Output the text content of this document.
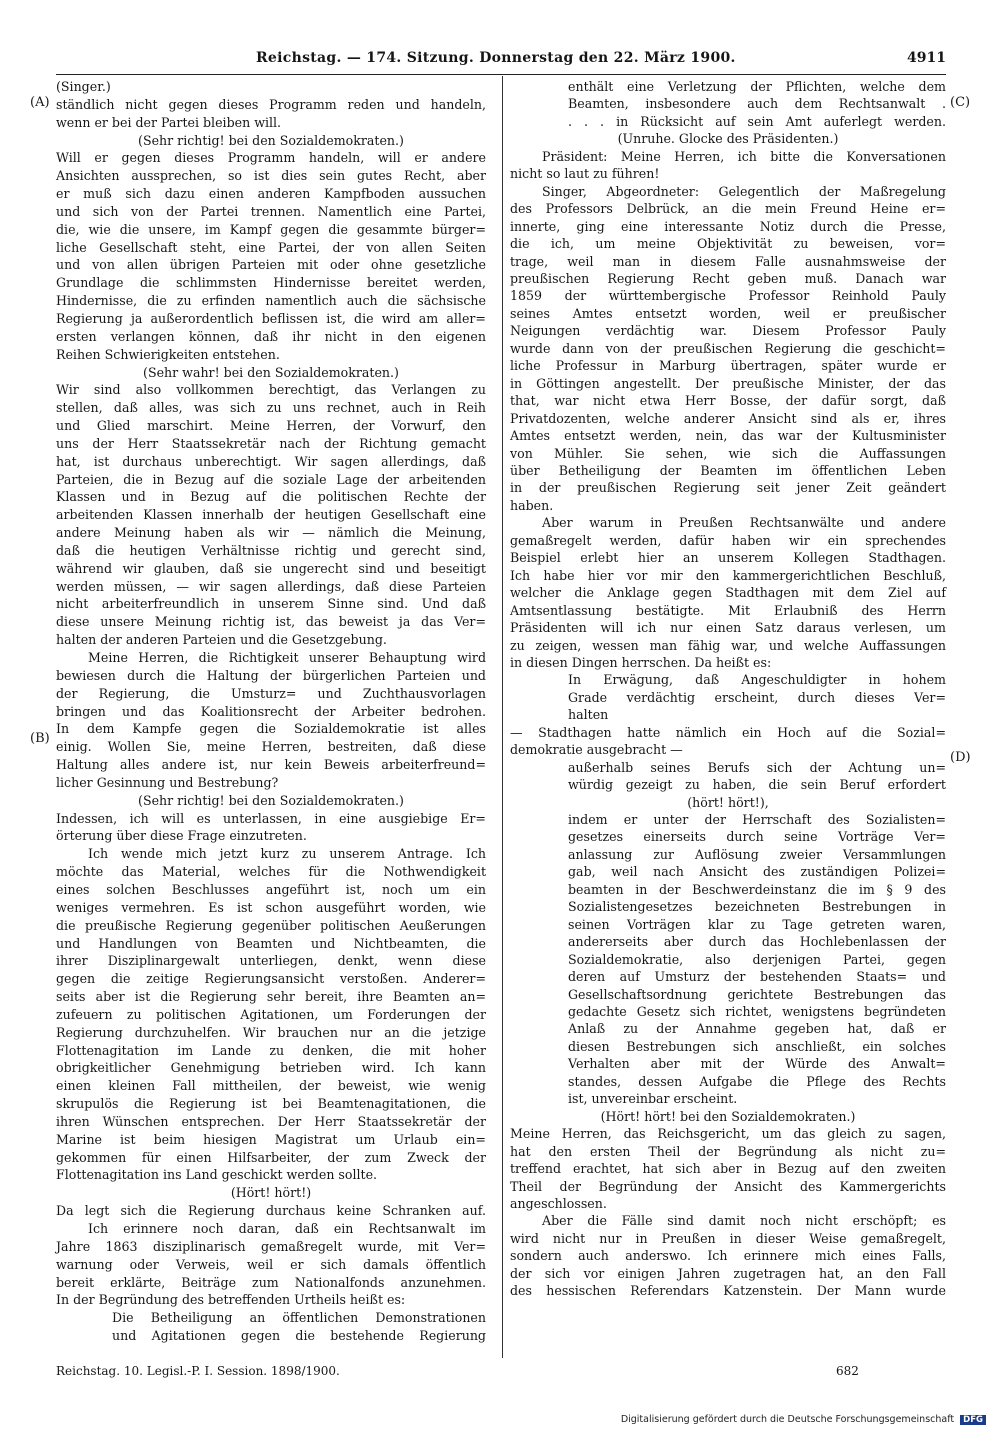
Reichstag. — 174. Sitzung. Donnerstag den 22. März 1900.	4911
(Singer.)
ständlich nicht gegen dieses Programm reden und handeln,
wenn er bei der Partei bleiben will.
(Sehr richtig! bei den Sozialdemokraten.)
Will er gegen dieses Programm handeln, will er andere
Ansichten aussprechen, so ist dies sein gutes Recht, aber
er muß sich dazu einen anderen Kampfboden aussuchen
und sich von der Partei trennen. Namentlich eine Partei,
die, wie die unsere, im Kampf gegen die gesammte bürger=
liche Gesellschaft steht, eine Partei, der von allen Seiten
und von allen übrigen Parteien mit oder ohne gesetzliche
Grundlage die schlimmsten Hindernisse bereitet werden,
Hindernisse, die zu erfinden namentlich auch die sächsische
Regierung ja außerordentlich beflissen ist, die wird am aller=
ersten verlangen können, daß ihr nicht in den eigenen
Reihen Schwierigkeiten entstehen.
(Sehr wahr! bei den Sozialdemokraten.)
Wir sind also vollkommen berechtigt, das Verlangen zu
stellen, daß alles, was sich zu uns rechnet, auch in Reih
und Glied marschirt. Meine Herren, der Vorwurf, den
uns der Herr Staatssekretär nach der Richtung gemacht
hat, ist durchaus unberechtigt. Wir sagen allerdings, daß
Parteien, die in Bezug auf die soziale Lage der arbeitenden
Klassen und in Bezug auf die politischen Rechte der
arbeitenden Klassen innerhalb der heutigen Gesellschaft eine
andere Meinung haben als wir — nämlich die Meinung,
daß die heutigen Verhältnisse richtig und gerecht sind,
während wir glauben, daß sie ungerecht sind und beseitigt
werden müssen, — wir sagen allerdings, daß diese Parteien
nicht arbeiterfreundlich in unserem Sinne sind. Und daß
diese unsere Meinung richtig ist, das beweist ja das Ver=
halten der anderen Parteien und die Gesetzgebung.
Meine Herren, die Richtigkeit unserer Behauptung wird
bewiesen durch die Haltung der bürgerlichen Parteien und
der Regierung, die Umsturz= und Zuchthausvorlagen
bringen und das Koalitionsrecht der Arbeiter bedrohen.
In dem Kampfe gegen die Sozialdemokratie ist alles
einig. Wollen Sie, meine Herren, bestreiten, daß diese
Haltung alles andere ist, nur kein Beweis arbeiterfreund=
licher Gesinnung und Bestrebung?
(Sehr richtig! bei den Sozialdemokraten.)
Indessen, ich will es unterlassen, in eine ausgiebige Er=
örterung über diese Frage einzutreten.
Ich wende mich jetzt kurz zu unserem Antrage. Ich
möchte das Material, welches für die Nothwendigkeit
eines solchen Beschlusses angeführt ist, noch um ein
weniges vermehren. Es ist schon ausgeführt worden, wie
die preußische Regierung gegenüber politischen Aeußerungen
und Handlungen von Beamten und Nichtbeamten, die
ihrer Disziplinargewalt unterliegen, denkt, wenn diese
gegen die zeitige Regierungsansicht verstoßen. Anderer=
seits aber ist die Regierung sehr bereit, ihre Beamten an=
zufeuern zu politischen Agitationen, um Forderungen der
Regierung durchzuhelfen. Wir brauchen nur an die jetzige
Flottenagitation im Lande zu denken, die mit hoher
obrigkeitlicher Genehmigung betrieben wird. Ich kann
einen kleinen Fall mittheilen, der beweist, wie wenig
skrupulös die Regierung ist bei Beamtenagitationen, die
ihren Wünschen entsprechen. Der Herr Staatssekretär der
Marine ist beim hiesigen Magistrat um Urlaub ein=
gekommen für einen Hilfsarbeiter, der zum Zweck der
Flottenagitation ins Land geschickt werden sollte.
(Hört! hört!)
Da legt sich die Regierung durchaus keine Schranken auf.
Ich erinnere noch daran, daß ein Rechtsanwalt im
Jahre 1863 disziplinarisch gemaßregelt wurde, mit Ver=
warnung oder Verweis, weil er sich damals öffentlich
bereit erklärte, Beiträge zum Nationalfonds anzunehmen.
In der Begründung des betreffenden Urtheils heißt es:
Die Betheiligung an öffentlichen Demonstrationen
und Agitationen gegen die bestehende Regierung
enthält eine Verletzung der Pflichten, welche dem
Beamten, insbesondere auch dem Rechtsanwalt .
. . . in Rücksicht auf sein Amt auferlegt werden.
(Unruhe. Glocke des Präsidenten.)
Präsident: Meine Herren, ich bitte die Konversationen
nicht so laut zu führen!
Singer, Abgeordneter: Gelegentlich der Maßregelung
des Professors Delbrück, an die mein Freund Heine er=
innerte, ging eine interessante Notiz durch die Presse,
die ich, um meine Objektivität zu beweisen, vor=
trage, weil man in diesem Falle ausnahmsweise der
preußischen Regierung Recht geben muß. Danach war
1859 der württembergische Professor Reinhold Pauly
seines Amtes entsetzt worden, weil er preußischer
Neigungen verdächtig war. Diesem Professor Pauly
wurde dann von der preußischen Regierung die geschicht=
liche Professur in Marburg übertragen, später wurde er
in Göttingen angestellt. Der preußische Minister, der das
that, war nicht etwa Herr Bosse, der dafür sorgt, daß
Privatdozenten, welche anderer Ansicht sind als er, ihres
Amtes entsetzt werden, nein, das war der Kultusminister
von Mühler. Sie sehen, wie sich die Auffassungen
über Betheiligung der Beamten im öffentlichen Leben
in der preußischen Regierung seit jener Zeit geändert
haben.
Aber warum in Preußen Rechtsanwälte und andere
gemaßregelt werden, dafür haben wir ein sprechendes
Beispiel erlebt hier an unserem Kollegen Stadthagen.
Ich habe hier vor mir den kammergerichtlichen Beschluß,
welcher die Anklage gegen Stadthagen mit dem Ziel auf
Amtsentlassung bestätigte. Mit Erlaubniß des Herrn
Präsidenten will ich nur einen Satz daraus verlesen, um
zu zeigen, wessen man fähig war, und welche Auffassungen
in diesen Dingen herrschen. Da heißt es:
In Erwägung, daß Angeschuldigter in hohem
Grade verdächtig erscheint, durch dieses Ver=
halten
— Stadthagen hatte nämlich ein Hoch auf die Sozial=
demokratie ausgebracht —
außerhalb seines Berufs sich der Achtung un=
würdig gezeigt zu haben, die sein Beruf erfordert
(hört! hört!),
indem er unter der Herrschaft des Sozialisten=
gesetzes einerseits durch seine Vorträge Ver=
anlassung zur Auflösung zweier Versammlungen
gab, weil nach Ansicht des zuständigen Polizei=
beamten in der Beschwerdeinstanz die im § 9 des
Sozialistengesetzes bezeichneten Bestrebungen in
seinen Vorträgen klar zu Tage getreten waren,
andererseits aber durch das Hochlebenlassen der
Sozialdemokratie, also derjenigen Partei, gegen
deren auf Umsturz der bestehenden Staats= und
Gesellschaftsordnung gerichtete Bestrebungen das
gedachte Gesetz sich richtet, wenigstens begründeten
Anlaß zu der Annahme gegeben hat, daß er
diesen Bestrebungen sich anschließt, ein solches
Verhalten aber mit der Würde des Anwalt=
standes, dessen Aufgabe die Pflege des Rechts
ist, unvereinbar erscheint.
(Hört! hört! bei den Sozialdemokraten.)
Meine Herren, das Reichsgericht, um das gleich zu sagen,
hat den ersten Theil der Begründung als nicht zu=
treffend erachtet, hat sich aber in Bezug auf den zweiten
Theil der Begründung der Ansicht des Kammergerichts
angeschlossen.
Aber die Fälle sind damit noch nicht erschöpft; es
wird nicht nur in Preußen in dieser Weise gemaßregelt,
sondern auch anderswo. Ich erinnere mich eines Falls,
der sich vor einigen Jahren zugetragen hat, an den Fall
des hessischen Referendars Katzenstein. Der Mann wurde
(A)
(B)
(C)
(D)
Reichstag. 10. Legisl.-P. I. Session. 1898/1900.	682
Digitalisierung gefördert durch die Deutsche Forschungsgemeinschaft DFG
